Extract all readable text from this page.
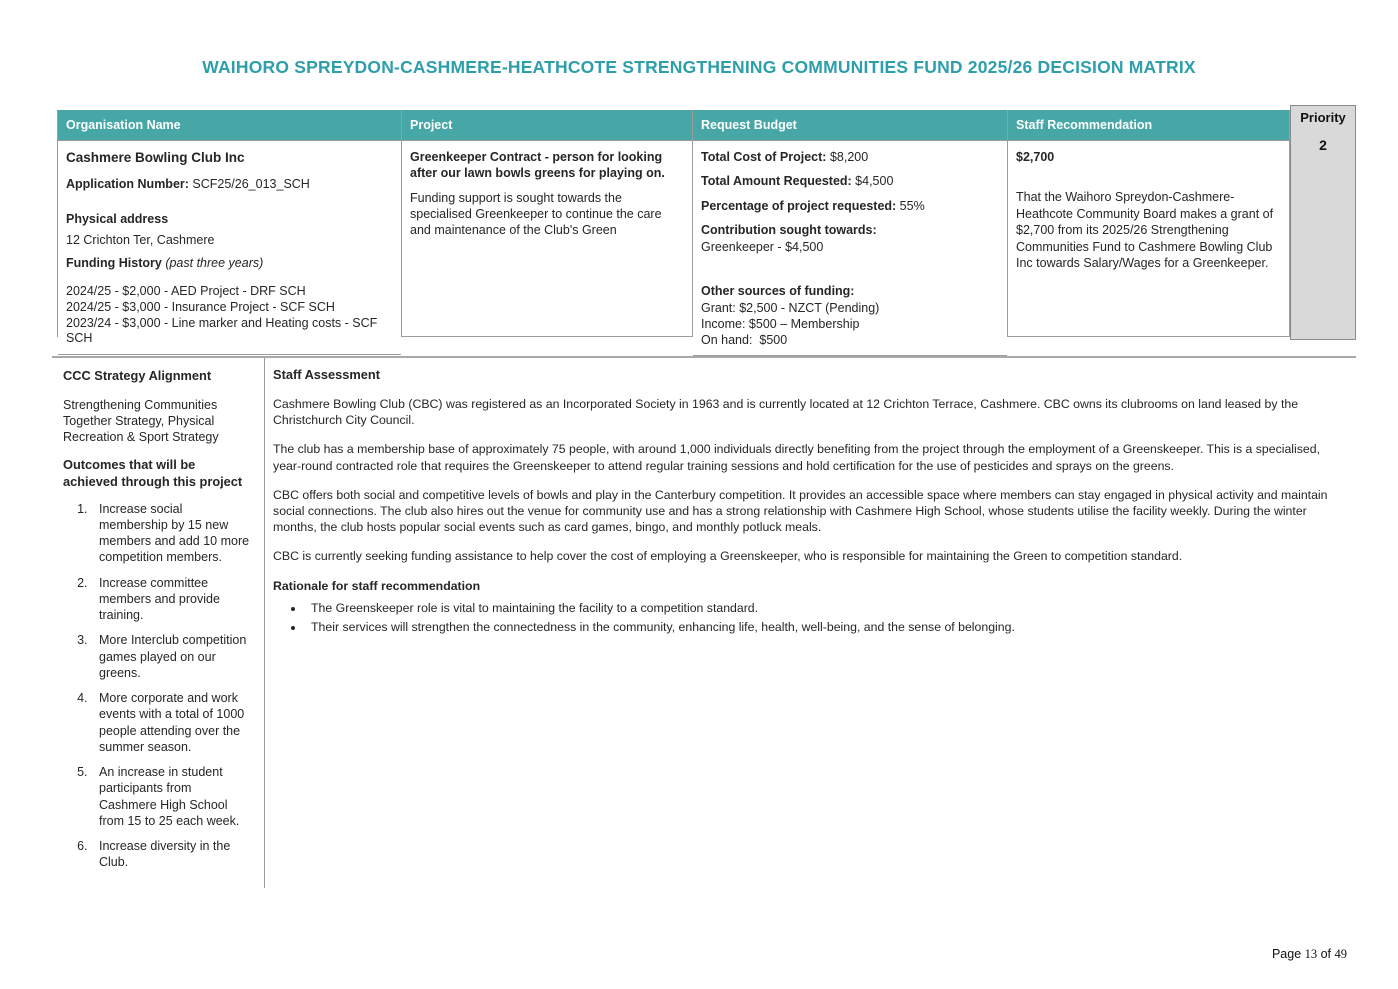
WAIHORO SPREYDON-CASHMERE-HEATHCOTE STRENGTHENING COMMUNITIES FUND 2025/26 DECISION MATRIX
Organisation Name
Cashmere Bowling Club Inc
Application Number: SCF25/26_013_SCH
Physical address
12 Crichton Ter, Cashmere
Funding History (past three years)
2024/25 - $2,000 - AED Project - DRF SCH
2024/25 - $3,000 - Insurance Project - SCF SCH
2023/24 - $3,000 - Line marker and Heating costs - SCF SCH
Project
Greenkeeper Contract - person for looking after our lawn bowls greens for playing on.
Funding support is sought towards the specialised Greenkeeper to continue the care and maintenance of the Club's Green
Request Budget
Total Cost of Project: $8,200
Total Amount Requested: $4,500
Percentage of project requested: 55%
Contribution sought towards:
Greenkeeper - $4,500
Other sources of funding:
Grant: $2,500 - NZCT (Pending)
Income: $500 – Membership
On hand:  $500
Staff Recommendation
$2,700
That the Waihoro Spreydon-Cashmere-Heathcote Community Board makes a grant of $2,700 from its 2025/26 Strengthening Communities Fund to Cashmere Bowling Club Inc towards Salary/Wages for a Greenkeeper.
Priority
2
CCC Strategy Alignment
Strengthening Communities Together Strategy, Physical Recreation & Sport Strategy
Outcomes that will be achieved through this project
1. Increase social membership by 15 new members and add 10 more competition members.
2. Increase committee members and provide training.
3. More Interclub competition games played on our greens.
4. More corporate and work events with a total of 1000 people attending over the summer season.
5. An increase in student participants from Cashmere High School from 15 to 25 each week.
6. Increase diversity in the Club.
Staff Assessment
Cashmere Bowling Club (CBC) was registered as an Incorporated Society in 1963 and is currently located at 12 Crichton Terrace, Cashmere. CBC owns its clubrooms on land leased by the Christchurch City Council.
The club has a membership base of approximately 75 people, with around 1,000 individuals directly benefiting from the project through the employment of a Greenskeeper. This is a specialised, year-round contracted role that requires the Greenskeeper to attend regular training sessions and hold certification for the use of pesticides and sprays on the greens.
CBC offers both social and competitive levels of bowls and play in the Canterbury competition. It provides an accessible space where members can stay engaged in physical activity and maintain social connections. The club also hires out the venue for community use and has a strong relationship with Cashmere High School, whose students utilise the facility weekly. During the winter months, the club hosts popular social events such as card games, bingo, and monthly potluck meals.
CBC is currently seeking funding assistance to help cover the cost of employing a Greenskeeper, who is responsible for maintaining the Green to competition standard.
Rationale for staff recommendation
• The Greenskeeper role is vital to maintaining the facility to a competition standard.
• Their services will strengthen the connectedness in the community, enhancing life, health, well-being, and the sense of belonging.
Page 13 of 49
